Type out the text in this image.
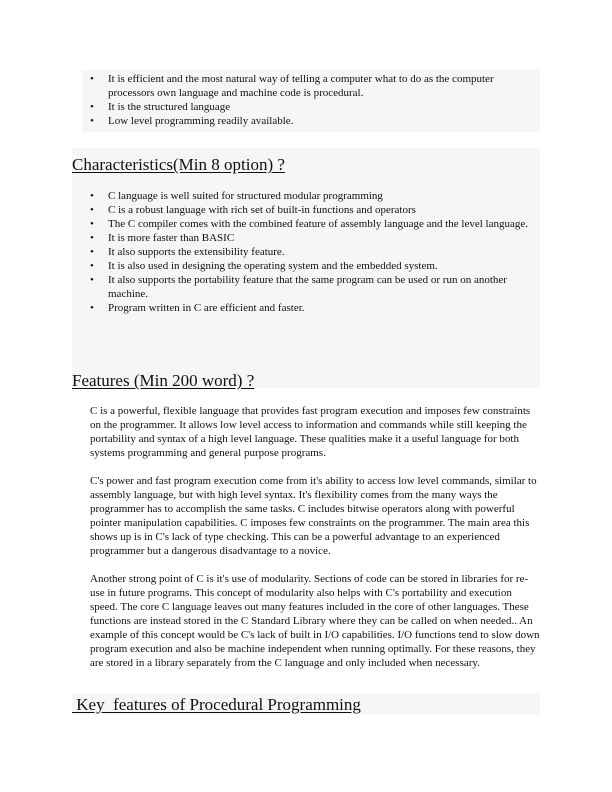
• It is efficient and the most natural way of telling a computer what to do as the computer processors own language and machine code is procedural.
• It is the structured language
• Low level programming readily available.
Characteristics(Min 8 option) ?
• C language is well suited for structured modular programming
• C is a robust language with rich set of built-in functions and operators
• The C compiler comes with the combined feature of assembly language and the level language.
• It is more faster than BASIC
• It also supports the extensibility feature.
• It is also used in designing the operating system and the embedded system.
• It also supports the portability feature that the same program can be used or run on another machine.
• Program written in C are efficient and faster.
Features (Min 200 word) ?

C is a powerful, flexible language that provides fast program execution and imposes few constraints on the programmer. It allows low level access to information and commands while still keeping the portability and syntax of a high level language. These qualities make it a useful language for both systems programming and general purpose programs.

C's power and fast program execution come from it's ability to access low level commands, similar to assembly language, but with high level syntax. It's flexibility comes from the many ways the programmer has to accomplish the same tasks. C includes bitwise operators along with powerful pointer manipulation capabilities. C imposes few constraints on the programmer. The main area this shows up is in C's lack of type checking. This can be a powerful advantage to an experienced programmer but a dangerous disadvantage to a novice.

Another strong point of C is it's use of modularity. Sections of code can be stored in libraries for re-use in future programs. This concept of modularity also helps with C's portability and execution speed. The core C language leaves out many features included in the core of other languages. These functions are instead stored in the C Standard Library where they can be called on when needed.. An example of this concept would be C's lack of built in I/O capabilities. I/O functions tend to slow down program execution and also be machine independent when running optimally. For these reasons, they are stored in a library separately from the C language and only included when necessary.

Key  features of Procedural Programming
